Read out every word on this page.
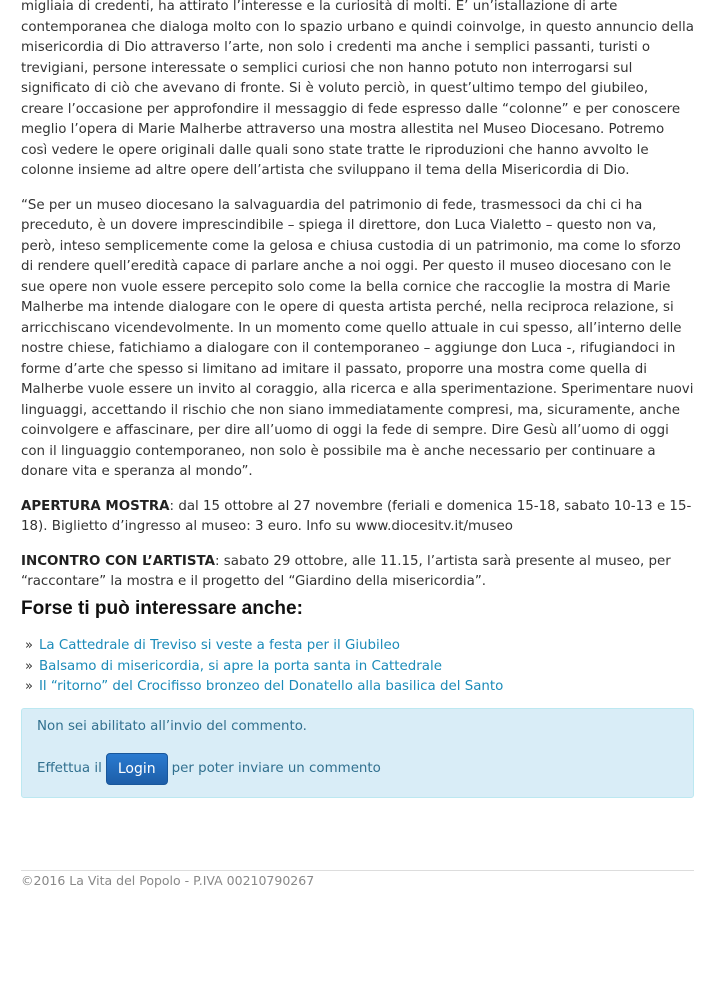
migliaia di credenti, ha attirato l’interesse e la curiosità di molti. E’ un’istallazione di arte contemporanea che dialoga molto con lo spazio urbano e quindi coinvolge, in questo annuncio della misericordia di Dio attraverso l’arte, non solo i credenti ma anche i semplici passanti, turisti o trevigiani, persone interessate o semplici curiosi che non hanno potuto non interrogarsi sul significato di ciò che avevano di fronte. Si è voluto perciò, in quest’ultimo tempo del giubileo, creare l’occasione per approfondire il messaggio di fede espresso dalle “colonne” e per conoscere meglio l’opera di Marie Malherbe attraverso una mostra allestita nel Museo Diocesano. Potremo così vedere le opere originali dalle quali sono state tratte le riproduzioni che hanno avvolto le colonne insieme ad altre opere dell’artista che sviluppano il tema della Misericordia di Dio.

“Se per un museo diocesano la salvaguardia del patrimonio di fede, trasmessoci da chi ci ha preceduto, è un dovere imprescindibile – spiega il direttore, don Luca Vialetto – questo non va, però, inteso semplicemente come la gelosa e chiusa custodia di un patrimonio, ma come lo sforzo di rendere quell’eredità capace di parlare anche a noi oggi. Per questo il museo diocesano con le sue opere non vuole essere percepito solo come la bella cornice che raccoglie la mostra di Marie Malherbe ma intende dialogare con le opere di questa artista perché, nella reciproca relazione, si arricchiscano vicendevolmente. In un momento come quello attuale in cui spesso, all’interno delle nostre chiese, fatichiamo a dialogare con il contemporaneo – aggiunge don Luca -, rifugiandoci in forme d’arte che spesso si limitano ad imitare il passato, proporre una mostra come quella di Malherbe vuole essere un invito al coraggio, alla ricerca e alla sperimentazione. Sperimentare nuovi linguaggi, accettando il rischio che non siano immediatamente compresi, ma, sicuramente, anche coinvolgere e affascinare, per dire all’uomo di oggi la fede di sempre. Dire Gesù all’uomo di oggi con il linguaggio contemporaneo, non solo è possibile ma è anche necessario per continuare a donare vita e speranza al mondo”.

APERTURA MOSTRA: dal 15 ottobre al 27 novembre (feriali e domenica 15-18, sabato 10-13 e 15-18). Biglietto d’ingresso al museo: 3 euro. Info su www.diocesitv.it/museo

INCONTRO CON L’ARTISTA: sabato 29 ottobre, alle 11.15, l’artista sarà presente al museo, per “raccontare” la mostra e il progetto del “Giardino della misericordia”.

Forse ti può interessare anche:
» La Cattedrale di Treviso si veste a festa per il Giubileo
» Balsamo di misericordia, si apre la porta santa in Cattedrale
» Il “ritorno” del Crocifisso bronzeo del Donatello alla basilica del Santo
Non sei abilitato all’invio del commento.
Effettua il	Login	per poter inviare un commento
©2016 La Vita del Popolo - P.IVA 00210790267
